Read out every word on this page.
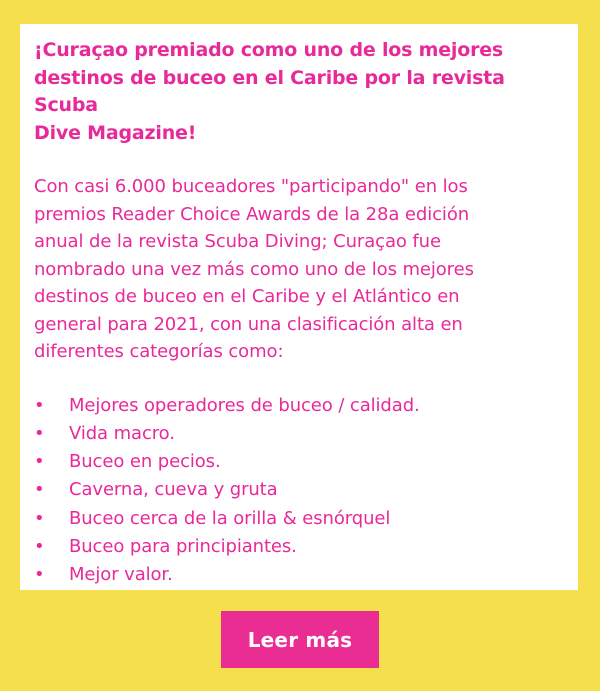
¡Curaçao premiado como uno de los mejores
destinos de buceo en el Caribe por la revista Scuba
Dive Magazine!

Con casi 6.000 buceadores "participando" en los
premios Reader Choice Awards de la 28a edición
anual de la revista Scuba Diving; Curaçao fue
nombrado una vez más como uno de los mejores
destinos de buceo en el Caribe y el Atlántico en
general para 2021, con una clasificación alta en
diferentes categorías como:

• Mejores operadores de buceo / calidad.
• Vida macro.
• Buceo en pecios.
• Caverna, cueva y gruta
• Buceo cerca de la orilla & esnórquel
• Buceo para principiantes.
• Mejor valor.
Leer más
